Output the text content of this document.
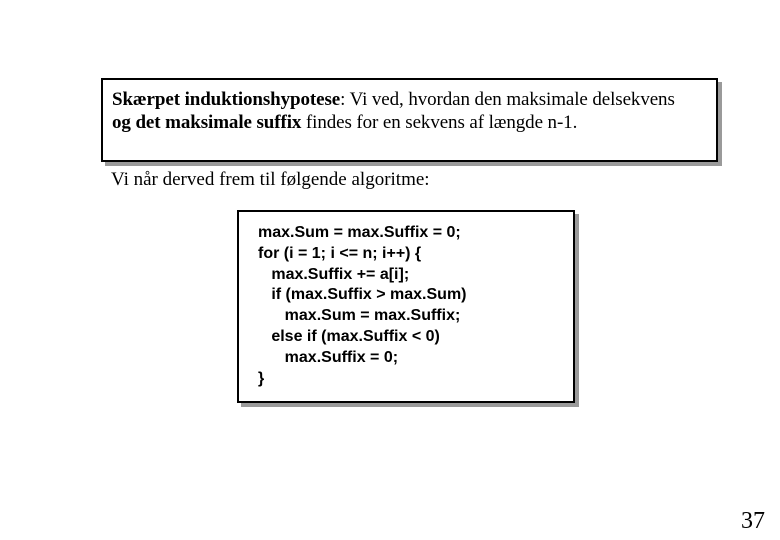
Skærpet induktionshypotese: Vi ved, hvordan den maksimale delsekvens
og det maksimale suffix findes for en sekvens af længde n-1.
Vi når derved frem til følgende algoritme:
max.Sum = max.Suffix = 0;
for (i = 1; i <= n; i++) {
max.Suffix += a[i];
if (max.Suffix > max.Sum)
max.Sum = max.Suffix;
else if (max.Suffix < 0)
max.Suffix = 0;
}
37
